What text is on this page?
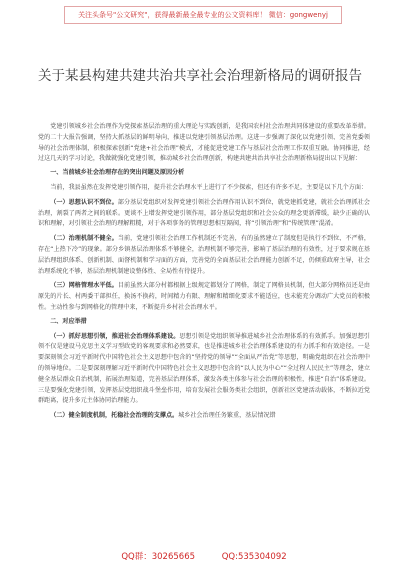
关注头条号"公文研究"，获得最新最全最专业的公文资料库！ 微信：gongwenyj
关于某县构建共建共治共享社会治理新格局的调研报告

党建引领城乡社会治理作为党探索基层治理的重大理论与实践创新，是我国农村社会治理共同体建设的重要改革举措。党的二十大报告强调，坚持大抓基层的鲜明导向，推进以党建引领基层治理。这进一步强调了深化以党建引领、完善党委领导的社会治理体制，积极探索创新“党建+社会治理”模式，才能促进党建工作与基层社会治理工作双重互融。协同推进，经过这几天的学习讨论，我做就强化党建引领，推动城乡社会治理创新，构建共建共治共享社会治理新格局提出以下见解：

一、当前城乡社会治理存在的突出问题及原因分析

当前，我县虽然在发挥党建引领作用，提升社会治理水平上进行了不少探索，但还有许多不足，主要是以下几个方面：

（一）思想认识不到位。部分基层党组织对发挥党建引领社会治理作用认识不到位，就党建抓党建，就社会治理抓社会治理，割裂了两者之间的联系。更谈不上增发挥党建引领作用，部分基层党组织和社会公众的理念更新滞缓，缺少正确的认识和理解，对引领社会治理的理解粗糙，对于各项事务的管理思想相互隔阂，将“引领治理”和“传统管理”混淆。

（二）治理机制不健全。当前，党建引领社会治理工作机制还不完善，有的虽然建立了制度但是执行不到位、不严格，存在“上热下冷”的现象。部分乡镇基层治理体系不够健全，治理机制不够完善，影响了基层治理的有效性，过于要求规在基层治理组织体系、创新机制、面督机制和学习面的方面，完善党的全面基层社会治理能力创新不足，仍倾重政府主导，社会治理系统化不够，基层治理机制建设整体性、全局性有待提升。

（三）网格管理水平低。目前虽然大部分村都根据上级规定都划分了网格，制定了网格员机制，但大部分网格员还是由原先的片长、村两委干部担任，换汤不换药，时间精力有限、理解和精细化要求不能适应，也未能充分调动广大党员的积极性。主动性参与到网格化的管理中来，不断提升乡村社会治理水平。

二、对应举措

（一）抓好思想引领，推进社会治理体系建设。思想引领是党组织领导推进城乡社会治理体系的有效抓手。加强思想引领不仅是建设马克思主义学习型政党的客观要求和必然要求，也是推进城乡社会治理体系建设的有力抓手和有效途径。一是要深刻领会习近平新时代中国特色社会主义思想中包含的“坚持党的领导”“全面从严治党”等思想，明确党组织在社会治理中的领导地位。二是要深刻理解习近平新时代中国特色社会主义思想中包含的“以人民为中心”“全过程人民民主”等理念，建立健全基层群众自治机制，拓展治理渠道，完善基层治理体系，激发各类主体参与社会治理的积极性，推进“自治”体系建设。三是要强化党建引领，发挥基层党组织战斗堡垒作用，培育发展社会服务类社会组织，创新社区党建活动载体，不断拉近党群距离，提升多元主体协同治理能力。

（二）健全制度机制，托稳社会治理的支撑点。城乡社会治理任务繁重，基层情况错

QQ群：30265665	QQ:535304092
